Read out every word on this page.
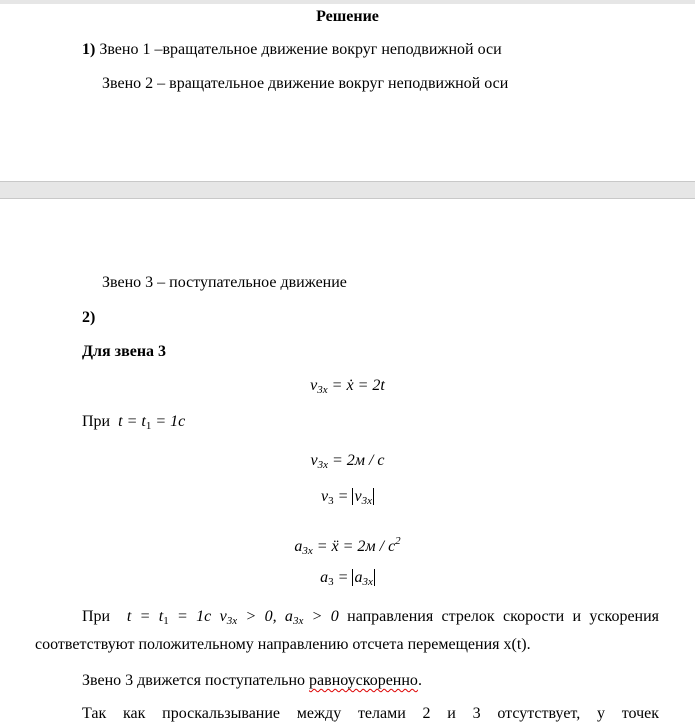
Решение
1) Звено 1 –вращательное движение вокруг неподвижной оси
Звено 2 – вращательное движение вокруг неподвижной оси
Звено 3 – поступательное движение
2)
Для звена 3
$v_{3x}$ = ẋ = 2t
При $t = t_1 = 1c$
$v_{3x} = 2м / c$
$v_3 = v_{3x}$
$a_{3x}$ = ẍ = $2м / c^2$
$a_3 = a_{3x}$
При $t = t_1 = 1c$ $v_{3x} > 0$, $a_{3x} > 0$ направления стрелок скорости и ускорения
соответствуют положительному направлению отсчета перемещения x(t).
Звено 3 движется поступательно равноускоренно.
Так как проскальзывание между телами 2 и 3 отсутствует, у точек
